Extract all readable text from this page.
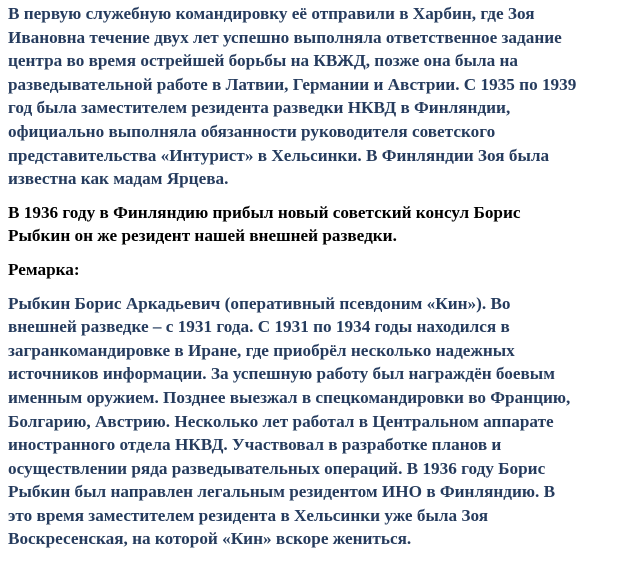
В первую служебную командировку её отправили в Харбин, где Зоя
Ивановна течение двух лет успешно выполняла ответственное задание
центра во время острейшей борьбы на КВЖД, позже она была на
разведывательной работе в Латвии, Германии и Австрии. С 1935 по 1939
год была заместителем резидента разведки НКВД в Финляндии,
официально выполняла обязанности руководителя советского
представительства «Интурист» в Хельсинки. В Финляндии Зоя была
известна как мадам Ярцева.
В 1936 году в Финляндию прибыл новый советский консул Борис
Рыбкин он же резидент нашей внешней разведки.
Ремарка:
Рыбкин Борис Аркадьевич (оперативный псевдоним «Кин»). Во
внешней разведке – с 1931 года. С 1931 по 1934 годы находился в
загранкомандировке в Иране, где приобрёл несколько надежных
источников информации. За успешную работу был награждён боевым
именным оружием. Позднее выезжал в спецкомандировки во Францию,
Болгарию, Австрию. Несколько лет работал в Центральном аппарате
иностранного отдела НКВД. Участвовал в разработке планов и
осуществлении ряда разведывательных операций. В 1936 году Борис
Рыбкин был направлен легальным резидентом ИНО в Финляндию. В
это время заместителем резидента в Хельсинки уже была Зоя
Воскресенская, на которой «Кин» вскоре жениться.
